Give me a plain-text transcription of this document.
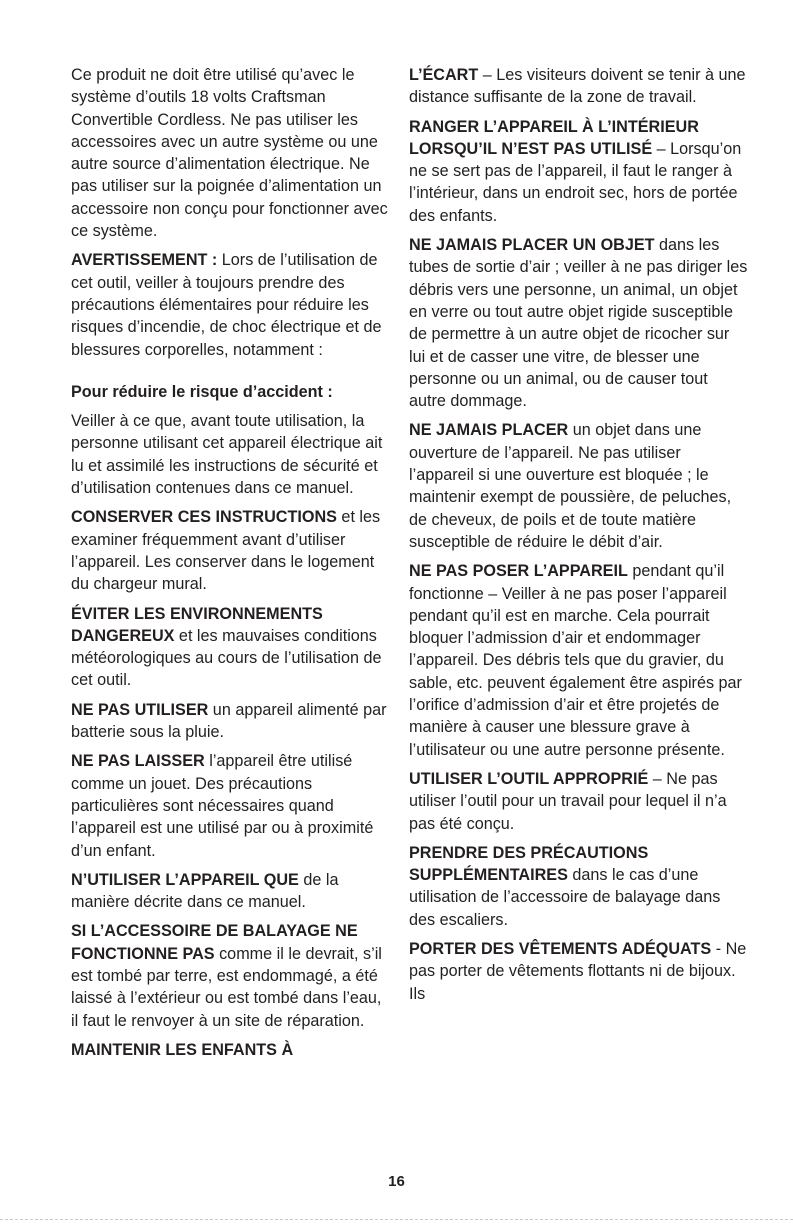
Ce produit ne doit être utilisé qu’avec le système d’outils 18 volts Craftsman Convertible Cordless. Ne pas utiliser les accessoires avec un autre système ou une autre source d’alimentation électrique. Ne pas utiliser sur la poignée d’alimentation un accessoire non conçu pour fonctionner avec ce système.

AVERTISSEMENT : Lors de l’utilisation de cet outil, veiller à toujours prendre des précautions élémentaires pour réduire les risques d’incendie, de choc électrique et de blessures corporelles, notamment :

Pour réduire le risque d’accident :

Veiller à ce que, avant toute utilisation, la personne utilisant cet appareil électrique ait lu et assimilé les instructions de sécurité et d’utilisation contenues dans ce manuel.

CONSERVER CES INSTRUCTIONS et les examiner fréquemment avant d’utiliser l’appareil. Les conserver dans le logement du chargeur mural.

ÉVITER LES ENVIRONNEMENTS DANGEREUX et les mauvaises conditions météorologiques au cours de l’utilisation de cet outil.

NE PAS UTILISER un appareil alimenté par batterie sous la pluie.

NE PAS LAISSER l’appareil être utilisé comme un jouet. Des précautions particulières sont nécessaires quand l’appareil est une utilisé par ou à proximité d’un enfant.

N’UTILISER L’APPAREIL QUE de la manière décrite dans ce manuel.

SI L’ACCESSOIRE DE BALAYAGE NE FONCTIONNE PAS comme il le devrait, s’il est tombé par terre, est endommagé, a été laissé à l’extérieur ou est tombé dans l’eau, il faut le renvoyer à un site de réparation.

MAINTENIR LES ENFANTS À

L’ÉCART – Les visiteurs doivent se tenir à une distance suffisante de la zone de travail.

RANGER L’APPAREIL À L’INTÉRIEUR LORSQU’IL N’EST PAS UTILISÉ – Lorsqu’on ne se sert pas de l’appareil, il faut le ranger à l’intérieur, dans un endroit sec, hors de portée des enfants.

NE JAMAIS PLACER UN OBJET dans les tubes de sortie d’air ; veiller à ne pas diriger les débris vers une personne, un animal, un objet en verre ou tout autre objet rigide susceptible de permettre à un autre objet de ricocher sur lui et de casser une vitre, de blesser une personne ou un animal, ou de causer tout autre dommage.

NE JAMAIS PLACER un objet dans une ouverture de l’appareil. Ne pas utiliser l’appareil si une ouverture est bloquée ; le maintenir exempt de poussière, de peluches, de cheveux, de poils et de toute matière susceptible de réduire le débit d’air.

NE PAS POSER L’APPAREIL pendant qu’il fonctionne – Veiller à ne pas poser l’appareil pendant qu’il est en marche. Cela pourrait bloquer l’admission d’air et endommager l’appareil. Des débris tels que du gravier, du sable, etc. peuvent également être aspirés par l’orifice d’admission d’air et être projetés de manière à causer une blessure grave à l’utilisateur ou une autre personne présente.

UTILISER L’OUTIL APPROPRIÉ – Ne pas utiliser l’outil pour un travail pour lequel il n’a pas été conçu.

PRENDRE DES PRÉCAUTIONS SUPPLÉMENTAIRES dans le cas d’une utilisation de l’accessoire de balayage dans des escaliers.

PORTER DES VÊTEMENTS ADÉQUATS - Ne pas porter de vêtements flottants ni de bijoux. Ils

16
